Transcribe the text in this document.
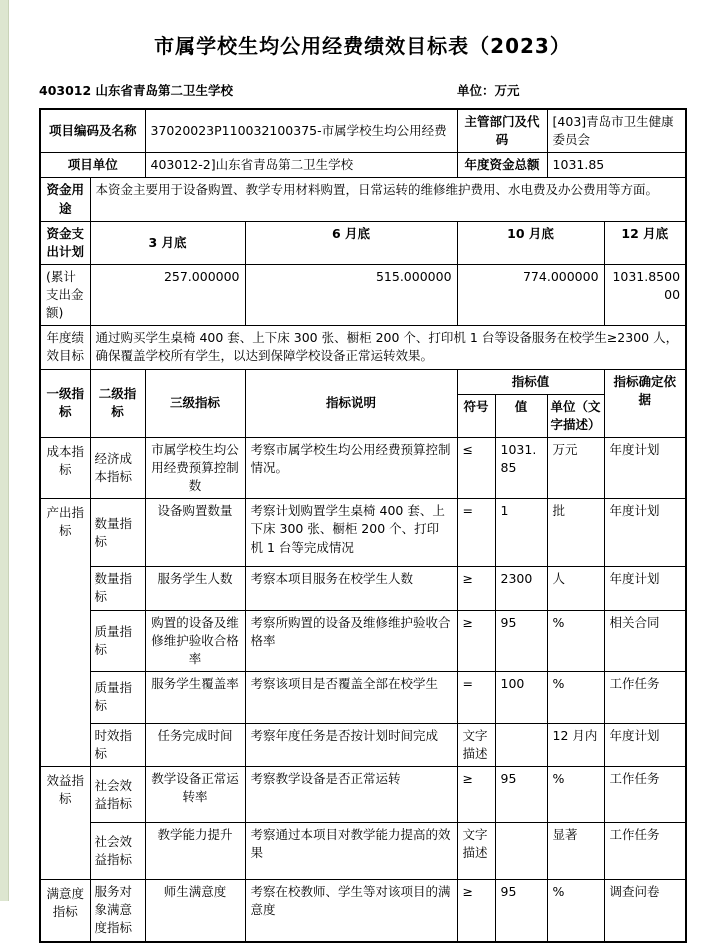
市属学校生均公用经费绩效目标表（2023）
403012 山东省青岛第二卫生学校	单位：万元
项目编码及名称		37020023P110032100375-市属学校生均公用经费		主管部门及代码		[403]青岛市卫生健康委员会	
项目单位		403012-2]山东省青岛第二卫生学校		年度资金总额		1031.85	
资金用途	本资金主要用于设备购置、教学专用材料购置，日常运转的维修维护费用、水电费及办公费用等方面。						
资金支出计划	3 月底		6 月底	10 月底			12 月底
(累计支出金额)	257.000000		515.000000	774.000000			1031.850000
年度绩效目标	通过购买学生桌椅 400 套、上下床 300 张、橱柜 200 个、打印机 1 台等设备服务在校学生≥2300 人，确保覆盖学校所有学生，以达到保障学校设备正常运转效果。						
一级指标	二级指标	三级指标	指标说明	指标值			指标确定依据
				符号	值	单位（文字描述）	
成本指标	经济成本指标	市属学校生均公用经费预算控制数	考察市属学校生均公用经费预算控制情况。	≤	1031.85	万元	年度计划
产出指标	数量指标	设备购置数量	考察计划购置学生桌椅 400 套、上下床 300 张、橱柜 200 个、打印机 1 台等完成情况	=	1	批	年度计划
	数量指标	服务学生人数	考察本项目服务在校学生人数	≥	2300	人	年度计划
	质量指标	购置的设备及维修维护验收合格率	考察所购置的设备及维修维护验收合格率	≥	95	%	相关合同
	质量指标	服务学生覆盖率	考察该项目是否覆盖全部在校学生	=	100	%	工作任务
	时效指标	任务完成时间	考察年度任务是否按计划时间完成	文字描述		12 月内	年度计划
效益指标	社会效益指标	教学设备正常运转率	考察教学设备是否正常运转	≥	95	%	工作任务
	社会效益指标	教学能力提升	考察通过本项目对教学能力提高的效果	文字描述		显著	工作任务
满意度指标	服务对象满意度指标	师生满意度	考察在校教师、学生等对该项目的满意度	≥	95	%	调查问卷
